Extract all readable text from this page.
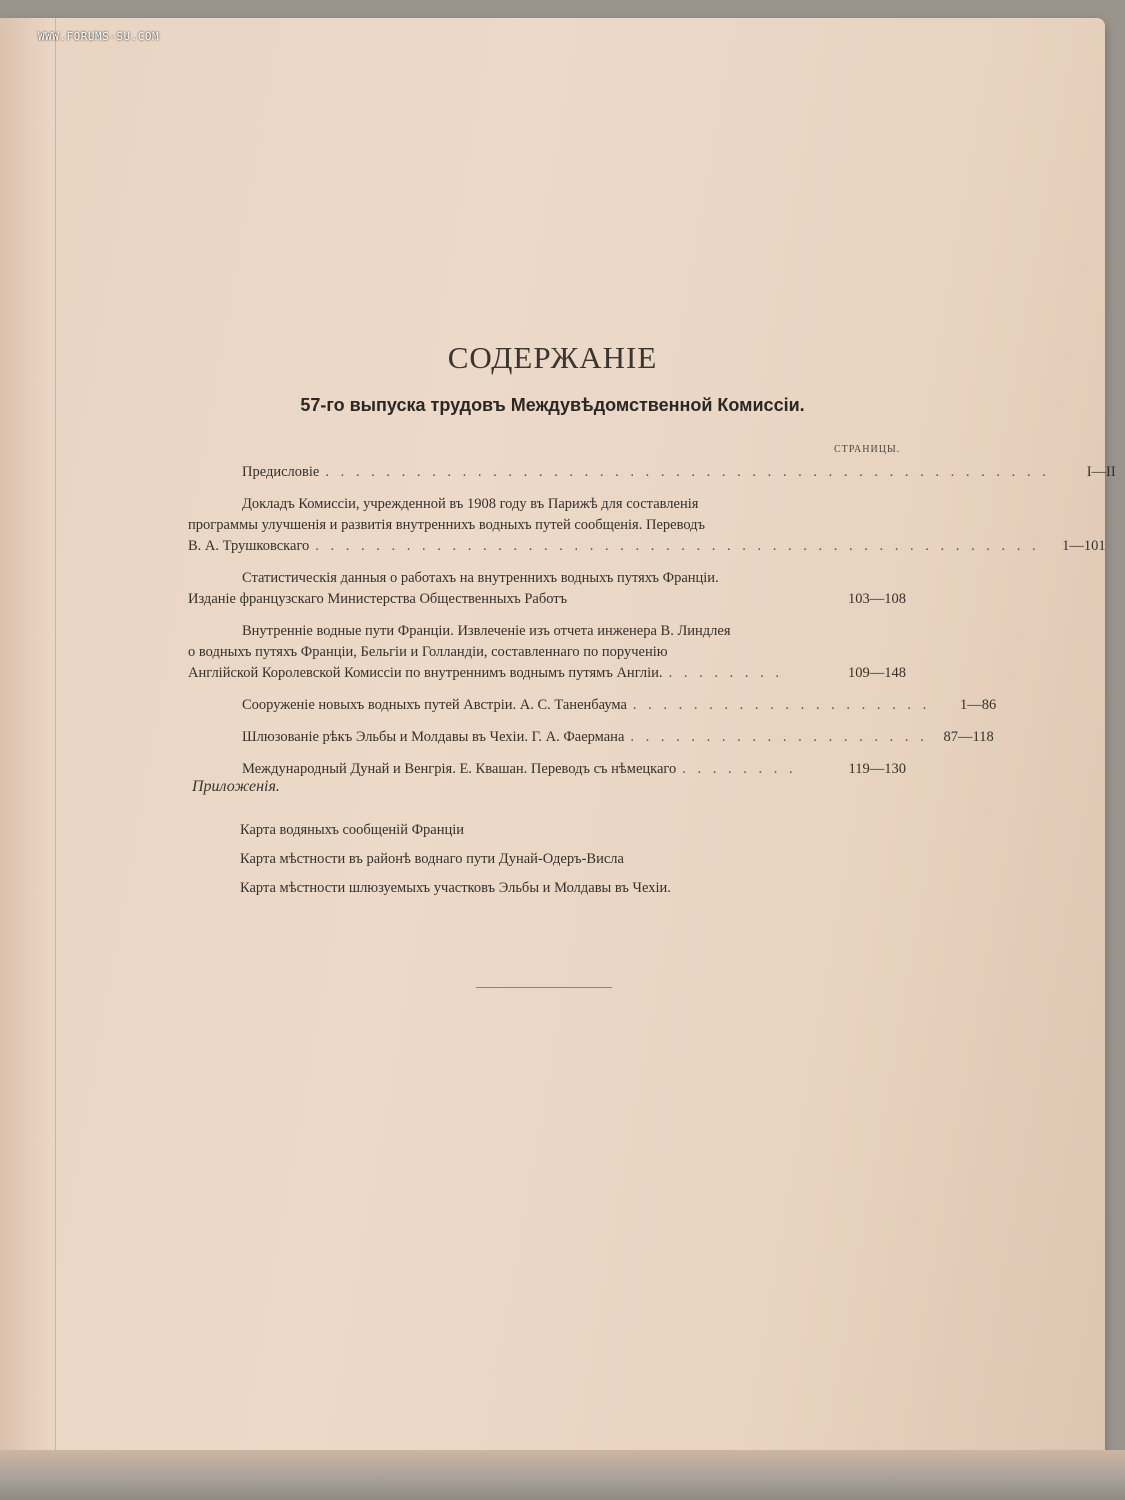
WWW.FORUMS-SU.COM
СОДЕРЖАНІЕ
57-го выпуска трудовъ Междувѣдомственной Комиссіи.
СТРАНИЦЫ.
Предисловіе . . . . . . . . . . . . . . . . . . . . . . . . . . . . . . . . . . . . . . . . . . . . . . . .	I—II
Докладъ Комиссіи, учрежденной въ 1908 году въ Парижѣ для составленія
программы улучшенія и развитія внутреннихъ водныхъ путей сообщенія. Переводъ
В. А. Трушковскаго . . . . . . . . . . . . . . . . . . . . . . . . . . . . . . . . . . . . . . . . . . . . . . . .	1—101
Статистическія данныя о работахъ на внутреннихъ водныхъ путяхъ Франціи.
Изданіе французскаго Министерства Общественныхъ Работъ	103—108
Внутренніе водные пути Франціи. Извлеченіе изъ отчета инженера В. Линдлея
о водныхъ путяхъ Франціи, Бельгіи и Голландіи, составленнаго по порученію
Англійской Королевской Комиссіи по внутреннимъ воднымъ путямъ Англіи. . . . . . . . .	109—148
Сооруженіе новыхъ водныхъ путей Австріи. А. С. Таненбаума . . . . . . . . . . . . . . . . . . . .	1—86
Шлюзованіе рѣкъ Эльбы и Молдавы въ Чехіи. Г. А. Фаермана . . . . . . . . . . . . . . . . . . . .	87—118
Международный Дунай и Венгрія. Е. Квашан. Переводъ съ нѣмецкаго . . . . . . . .	119—130
Приложенія.
Карта водяныхъ сообщеній Франціи
Карта мѣстности въ районѣ воднаго пути Дунай-Одеръ-Висла
Карта мѣстности шлюзуемыхъ участковъ Эльбы и Молдавы въ Чехіи.
